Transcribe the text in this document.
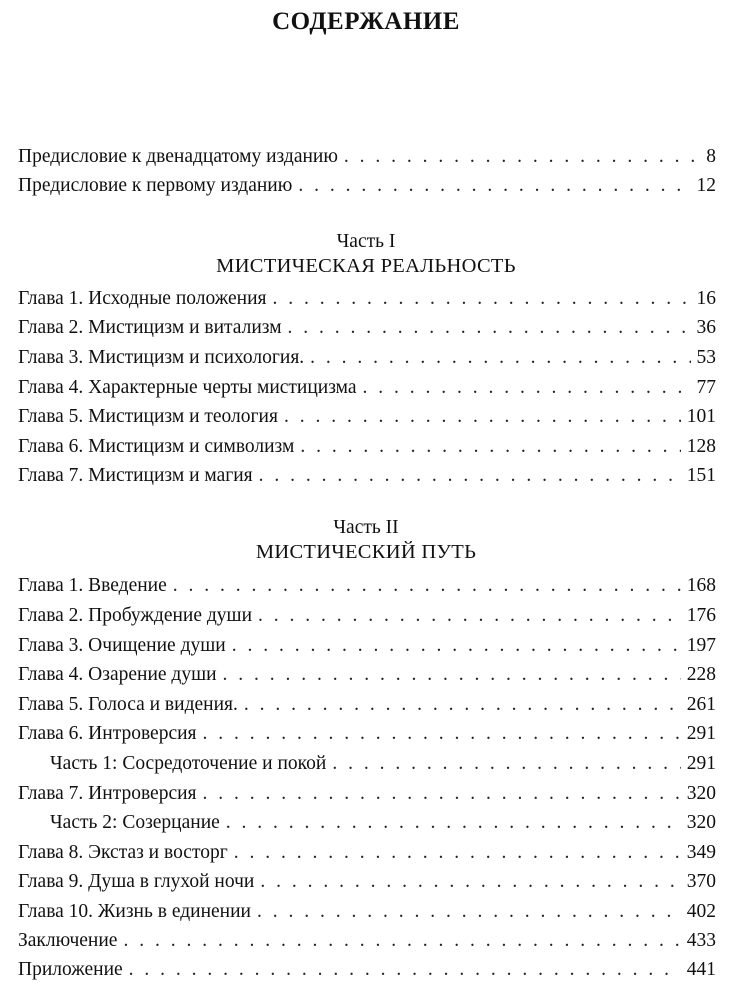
СОДЕРЖАНИЕ
Предисловие к двенадцатому изданию . . .	8
Предисловие к первому изданию . . .	12
Часть I
МИСТИЧЕСКАЯ РЕАЛЬНОСТЬ
Глава 1. Исходные положения . . .	16
Глава 2. Мистицизм и витализм . . .	36
Глава 3. Мистицизм и психология. . . .	53
Глава 4. Характерные черты мистицизма . . .	77
Глава 5. Мистицизм и теология . . .	101
Глава 6. Мистицизм и символизм . . .	128
Глава 7. Мистицизм и магия . . .	151
Часть II
МИСТИЧЕСКИЙ ПУТЬ
Глава 1. Введение . . .	168
Глава 2. Пробуждение души . . .	176
Глава 3. Очищение души . . .	197
Глава 4. Озарение души . . .	228
Глава 5. Голоса и видения. . . .	261
Глава 6. Интроверсия . . .	291
Часть 1: Сосредоточение и покой . . .	291
Глава 7. Интроверсия . . .	320
Часть 2: Созерцание . . .	320
Глава 8. Экстаз и восторг . . .	349
Глава 9. Душа в глухой ночи . . .	370
Глава 10. Жизнь в единении . . .	402
Заключение . . .	433
Приложение . . .	441
